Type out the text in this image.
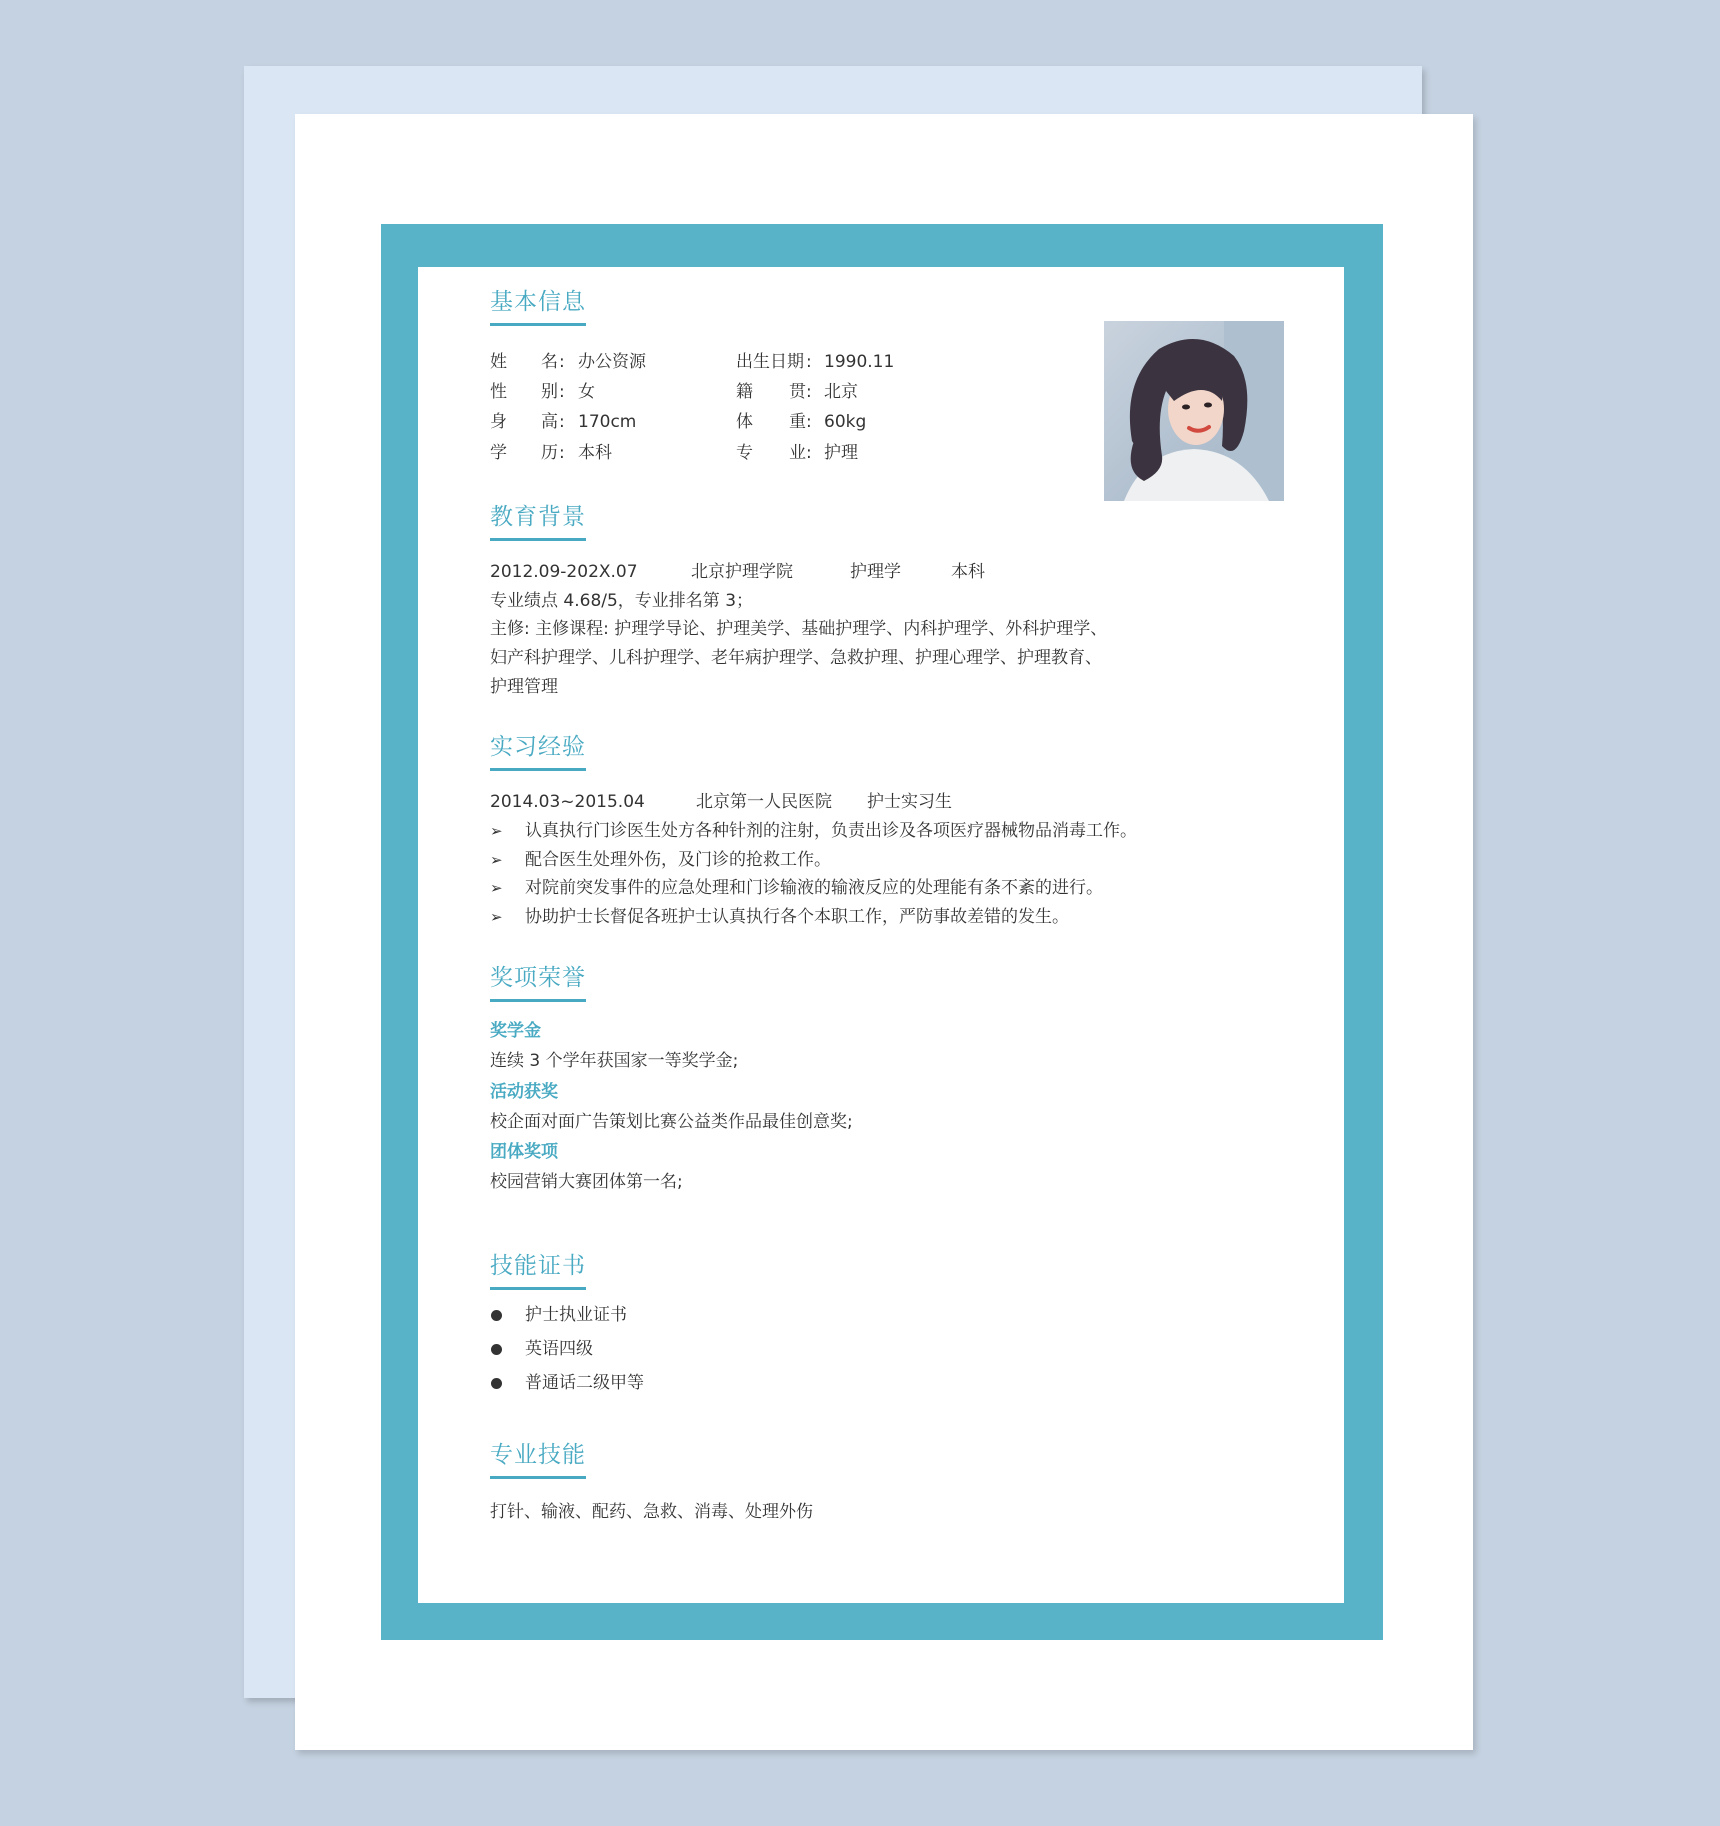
基本信息
姓 名 : 办公资源	出生日期 : 1990.11
性 别 : 女	籍 贯 : 北京
身 高 : 170cm	体 重 : 60kg
学 历 : 本科	专 业 : 护理
教育背景
2012.09-202X.07	北京护理学院	护理学	本科
专业绩点 4.68/5，专业排名第 3；
主修: 主修课程: 护理学导论、护理美学、基础护理学、内科护理学、外科护理学、
妇产科护理学、儿科护理学、老年病护理学、急救护理、护理心理学、护理教育、
护理管理
实习经验
2014.03~2015.04	北京第一人民医院 护士实习生
➢ 认真执行门诊医生处方各种针剂的注射，负责出诊及各项医疗器械物品消毒工作。
➢ 配合医生处理外伤，及门诊的抢救工作。
➢ 对院前突发事件的应急处理和门诊输液的输液反应的处理能有条不紊的进行。
➢ 协助护士长督促各班护士认真执行各个本职工作，严防事故差错的发生。
奖项荣誉
奖学金
连续 3 个学年获国家一等奖学金;
活动获奖
校企面对面广告策划比赛公益类作品最佳创意奖;
团体奖项
校园营销大赛团体第一名;
技能证书
护士执业证书
英语四级
普通话二级甲等
专业技能
打针、输液、配药、急救、消毒、处理外伤
